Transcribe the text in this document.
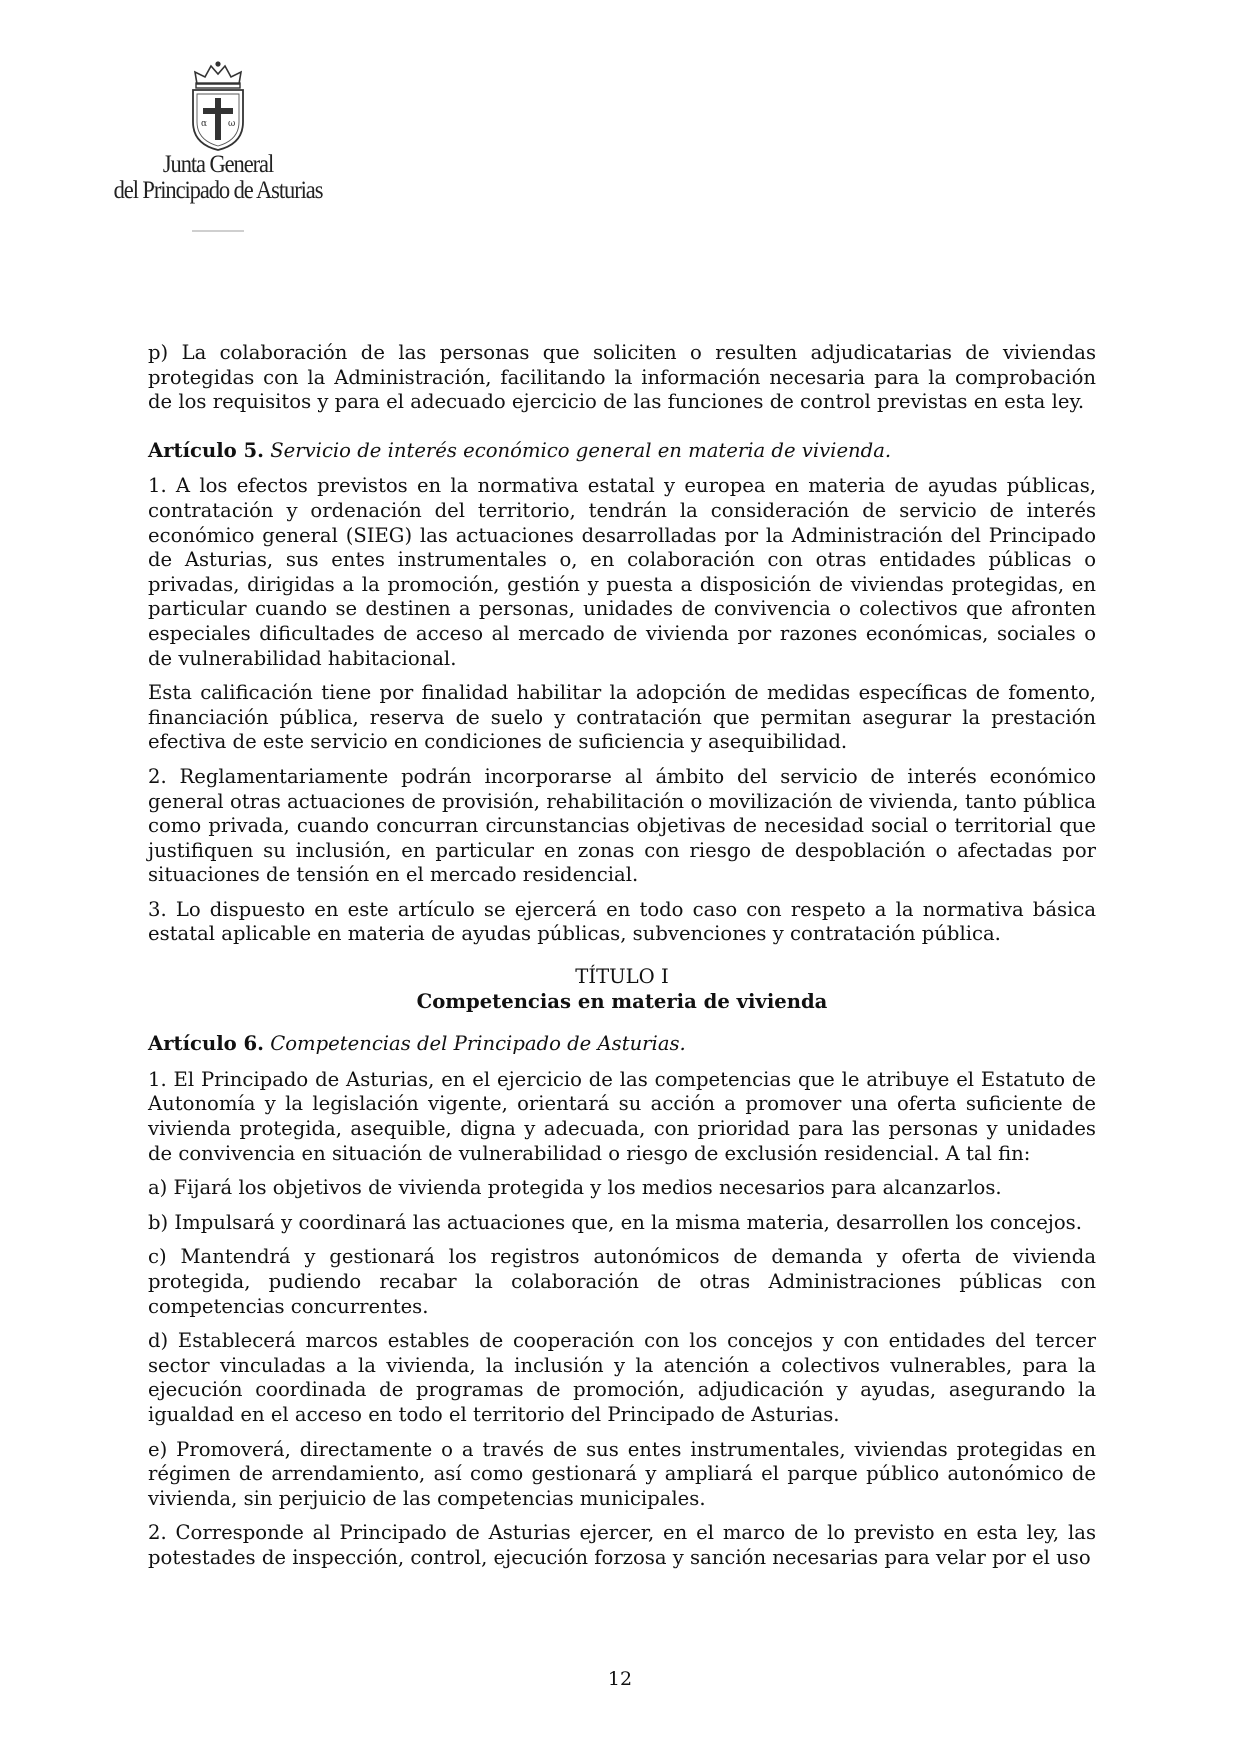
α ω
Junta General
del Principado de Asturias
p) La colaboración de las personas que soliciten o resulten adjudicatarias de viviendas protegidas con la Administración, facilitando la información necesaria para la comprobación de los requisitos y para el adecuado ejercicio de las funciones de control previstas en esta ley.
Artículo 5. Servicio de interés económico general en materia de vivienda.
1. A los efectos previstos en la normativa estatal y europea en materia de ayudas públicas, contratación y ordenación del territorio, tendrán la consideración de servicio de interés económico general (SIEG) las actuaciones desarrolladas por la Administración del Principado de Asturias, sus entes instrumentales o, en colaboración con otras entidades públicas o privadas, dirigidas a la promoción, gestión y puesta a disposición de viviendas protegidas, en particular cuando se destinen a personas, unidades de convivencia o colectivos que afronten especiales dificultades de acceso al mercado de vivienda por razones económicas, sociales o de vulnerabilidad habitacional.
Esta calificación tiene por finalidad habilitar la adopción de medidas específicas de fomento, financiación pública, reserva de suelo y contratación que permitan asegurar la prestación efectiva de este servicio en condiciones de suficiencia y asequibilidad.
2. Reglamentariamente podrán incorporarse al ámbito del servicio de interés económico general otras actuaciones de provisión, rehabilitación o movilización de vivienda, tanto pública como privada, cuando concurran circunstancias objetivas de necesidad social o territorial que justifiquen su inclusión, en particular en zonas con riesgo de despoblación o afectadas por situaciones de tensión en el mercado residencial.
3. Lo dispuesto en este artículo se ejercerá en todo caso con respeto a la normativa básica estatal aplicable en materia de ayudas públicas, subvenciones y contratación pública.
TÍTULO I
Competencias en materia de vivienda
Artículo 6. Competencias del Principado de Asturias.
1. El Principado de Asturias, en el ejercicio de las competencias que le atribuye el Estatuto de Autonomía y la legislación vigente, orientará su acción a promover una oferta suficiente de vivienda protegida, asequible, digna y adecuada, con prioridad para las personas y unidades de convivencia en situación de vulnerabilidad o riesgo de exclusión residencial. A tal fin:
a) Fijará los objetivos de vivienda protegida y los medios necesarios para alcanzarlos.
b) Impulsará y coordinará las actuaciones que, en la misma materia, desarrollen los concejos.
c) Mantendrá y gestionará los registros autonómicos de demanda y oferta de vivienda protegida, pudiendo recabar la colaboración de otras Administraciones públicas con competencias concurrentes.
d) Establecerá marcos estables de cooperación con los concejos y con entidades del tercer sector vinculadas a la vivienda, la inclusión y la atención a colectivos vulnerables, para la ejecución coordinada de programas de promoción, adjudicación y ayudas, asegurando la igualdad en el acceso en todo el territorio del Principado de Asturias.
e) Promoverá, directamente o a través de sus entes instrumentales, viviendas protegidas en régimen de arrendamiento, así como gestionará y ampliará el parque público autonómico de vivienda, sin perjuicio de las competencias municipales.
2. Corresponde al Principado de Asturias ejercer, en el marco de lo previsto en esta ley, las potestades de inspección, control, ejecución forzosa y sanción necesarias para velar por el uso
12
